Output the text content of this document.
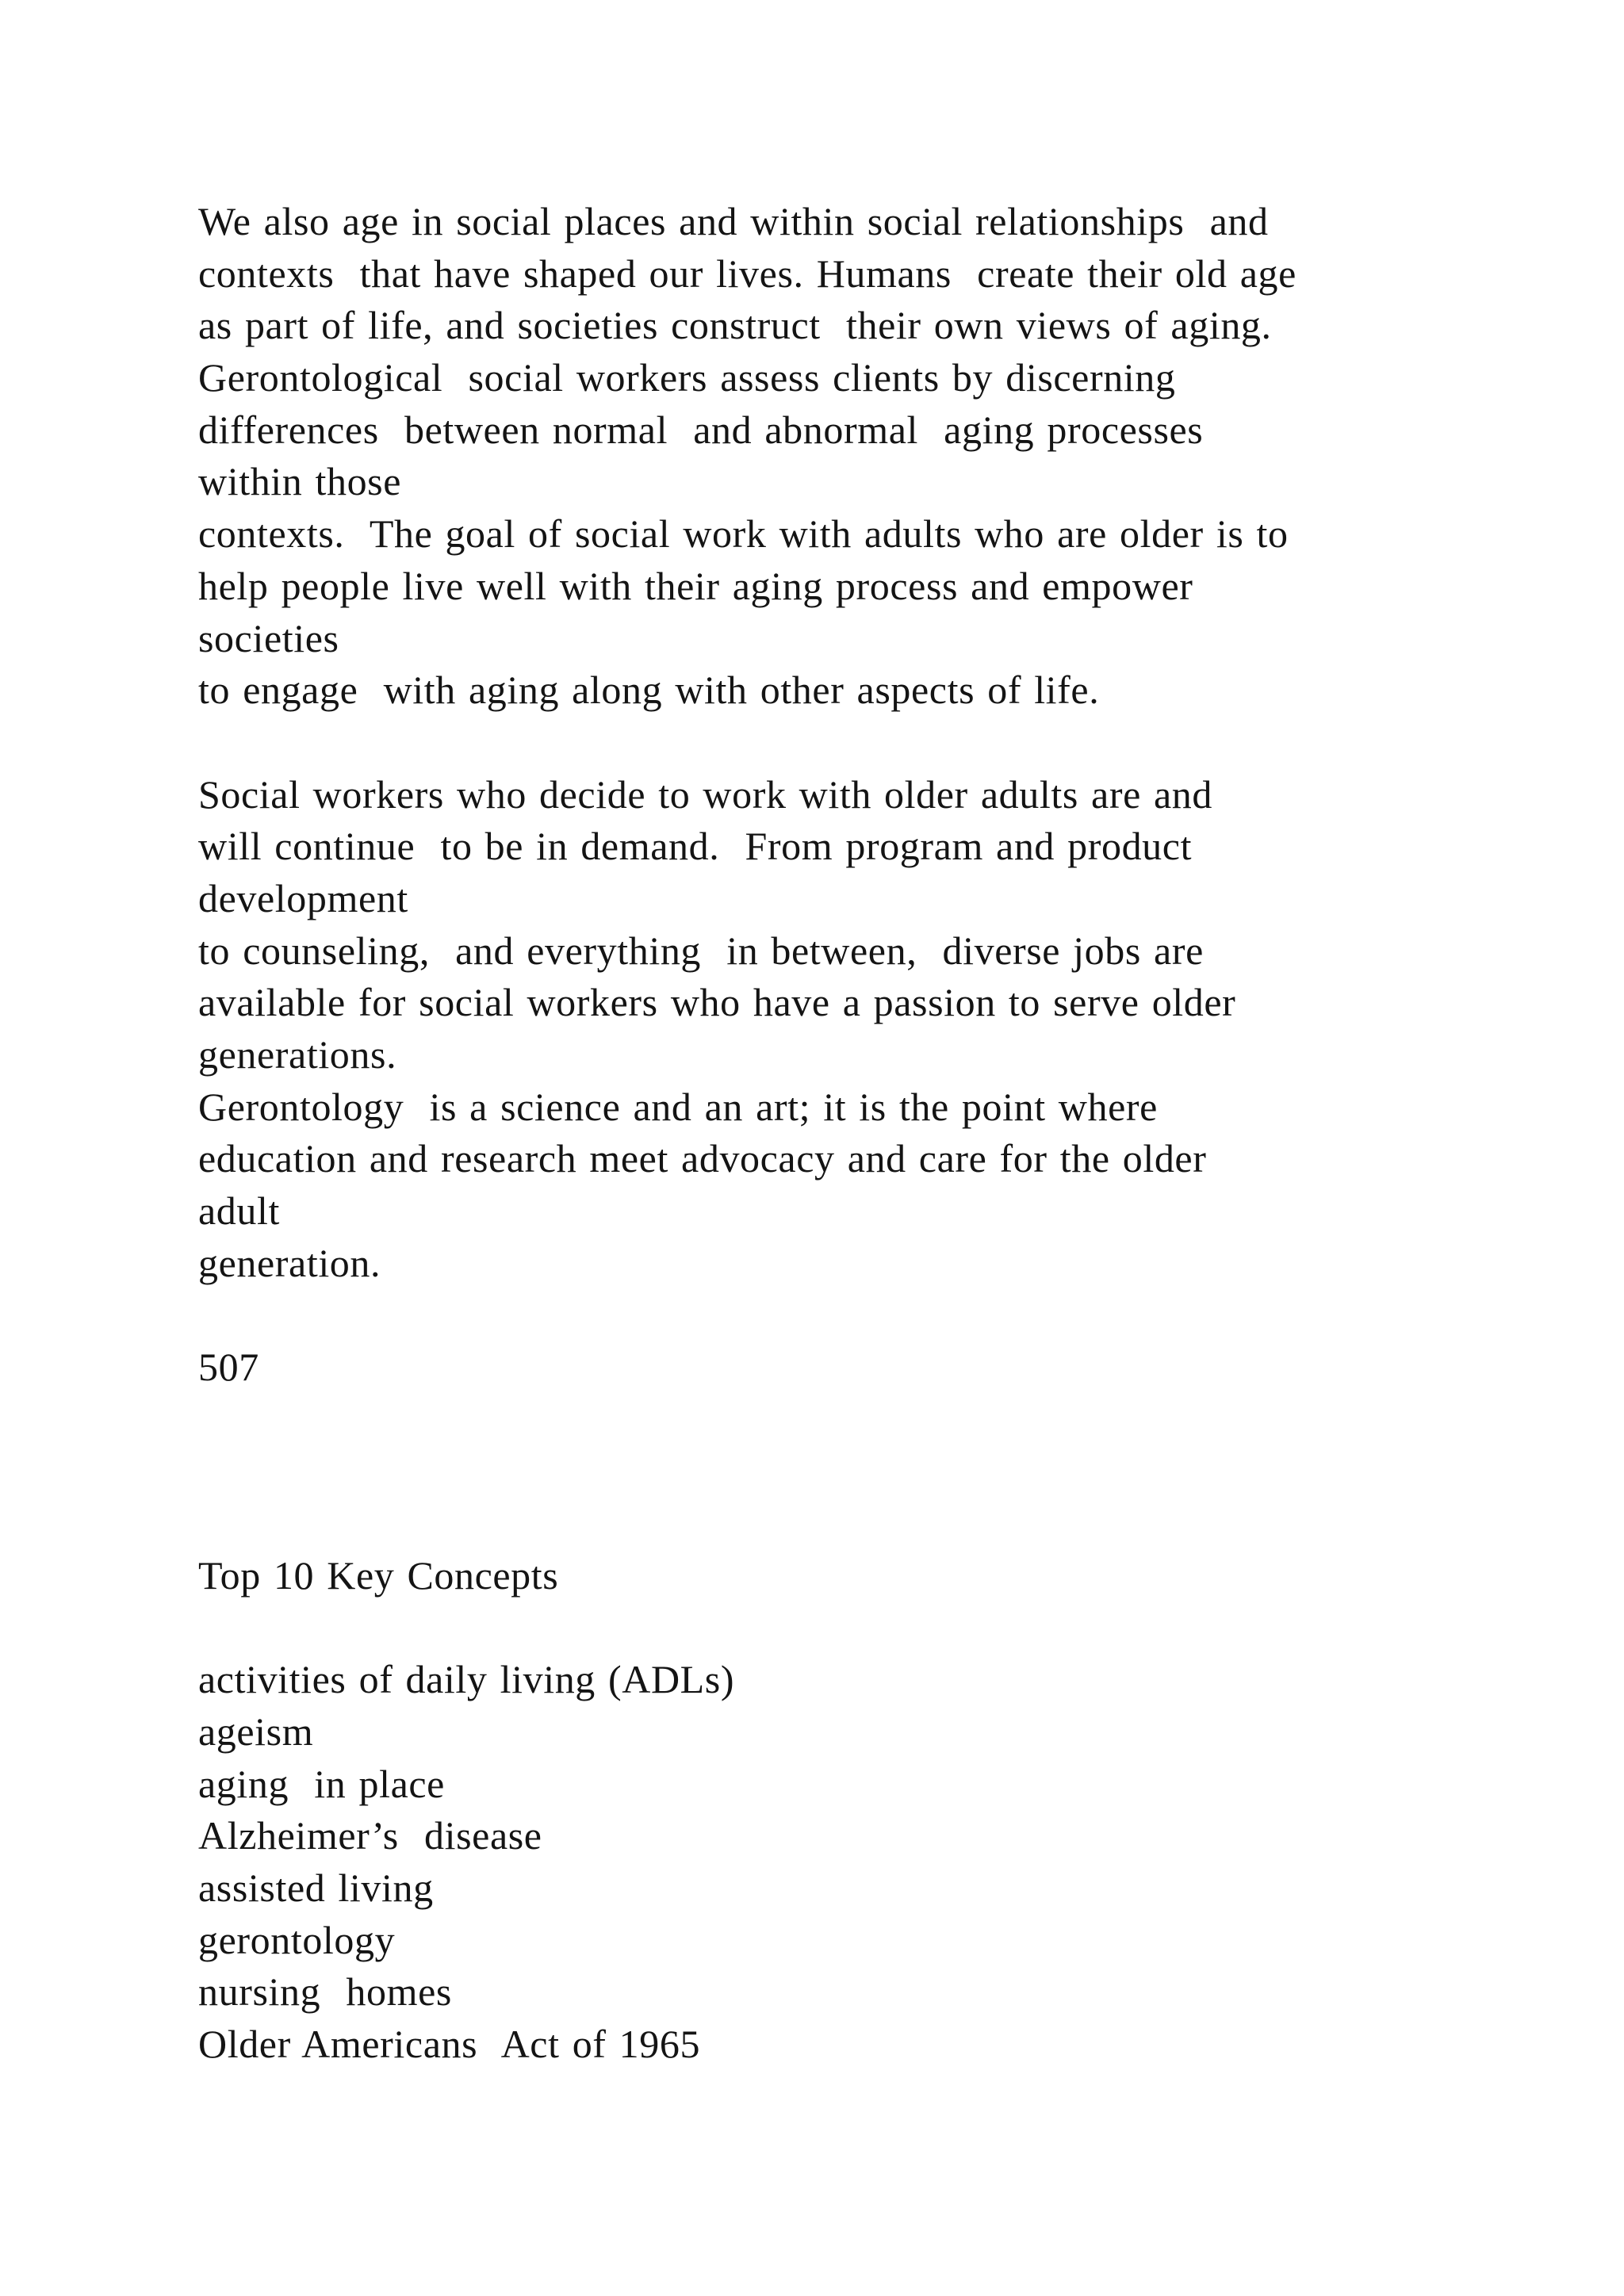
We also age in social places and within social relationships  and
contexts  that have shaped our lives. Humans  create their old age
as part of life, and societies construct  their own views of aging.
Gerontological  social workers assess clients by discerning
differences  between normal  and abnormal  aging processes
within those
contexts.  The goal of social work with adults who are older is to
help people live well with their aging process and empower
societies
to engage  with aging along with other aspects of life.
Social workers who decide to work with older adults are and
will continue  to be in demand.  From program and product
development
to counseling,  and everything  in between,  diverse jobs are
available for social workers who have a passion to serve older
generations.
Gerontology  is a science and an art; it is the point where
education and research meet advocacy and care for the older
adult
generation.
507
Top 10 Key Concepts
activities of daily living (ADLs)
ageism
aging  in place
Alzheimer’s  disease
assisted living
gerontology
nursing  homes
Older Americans  Act of 1965
